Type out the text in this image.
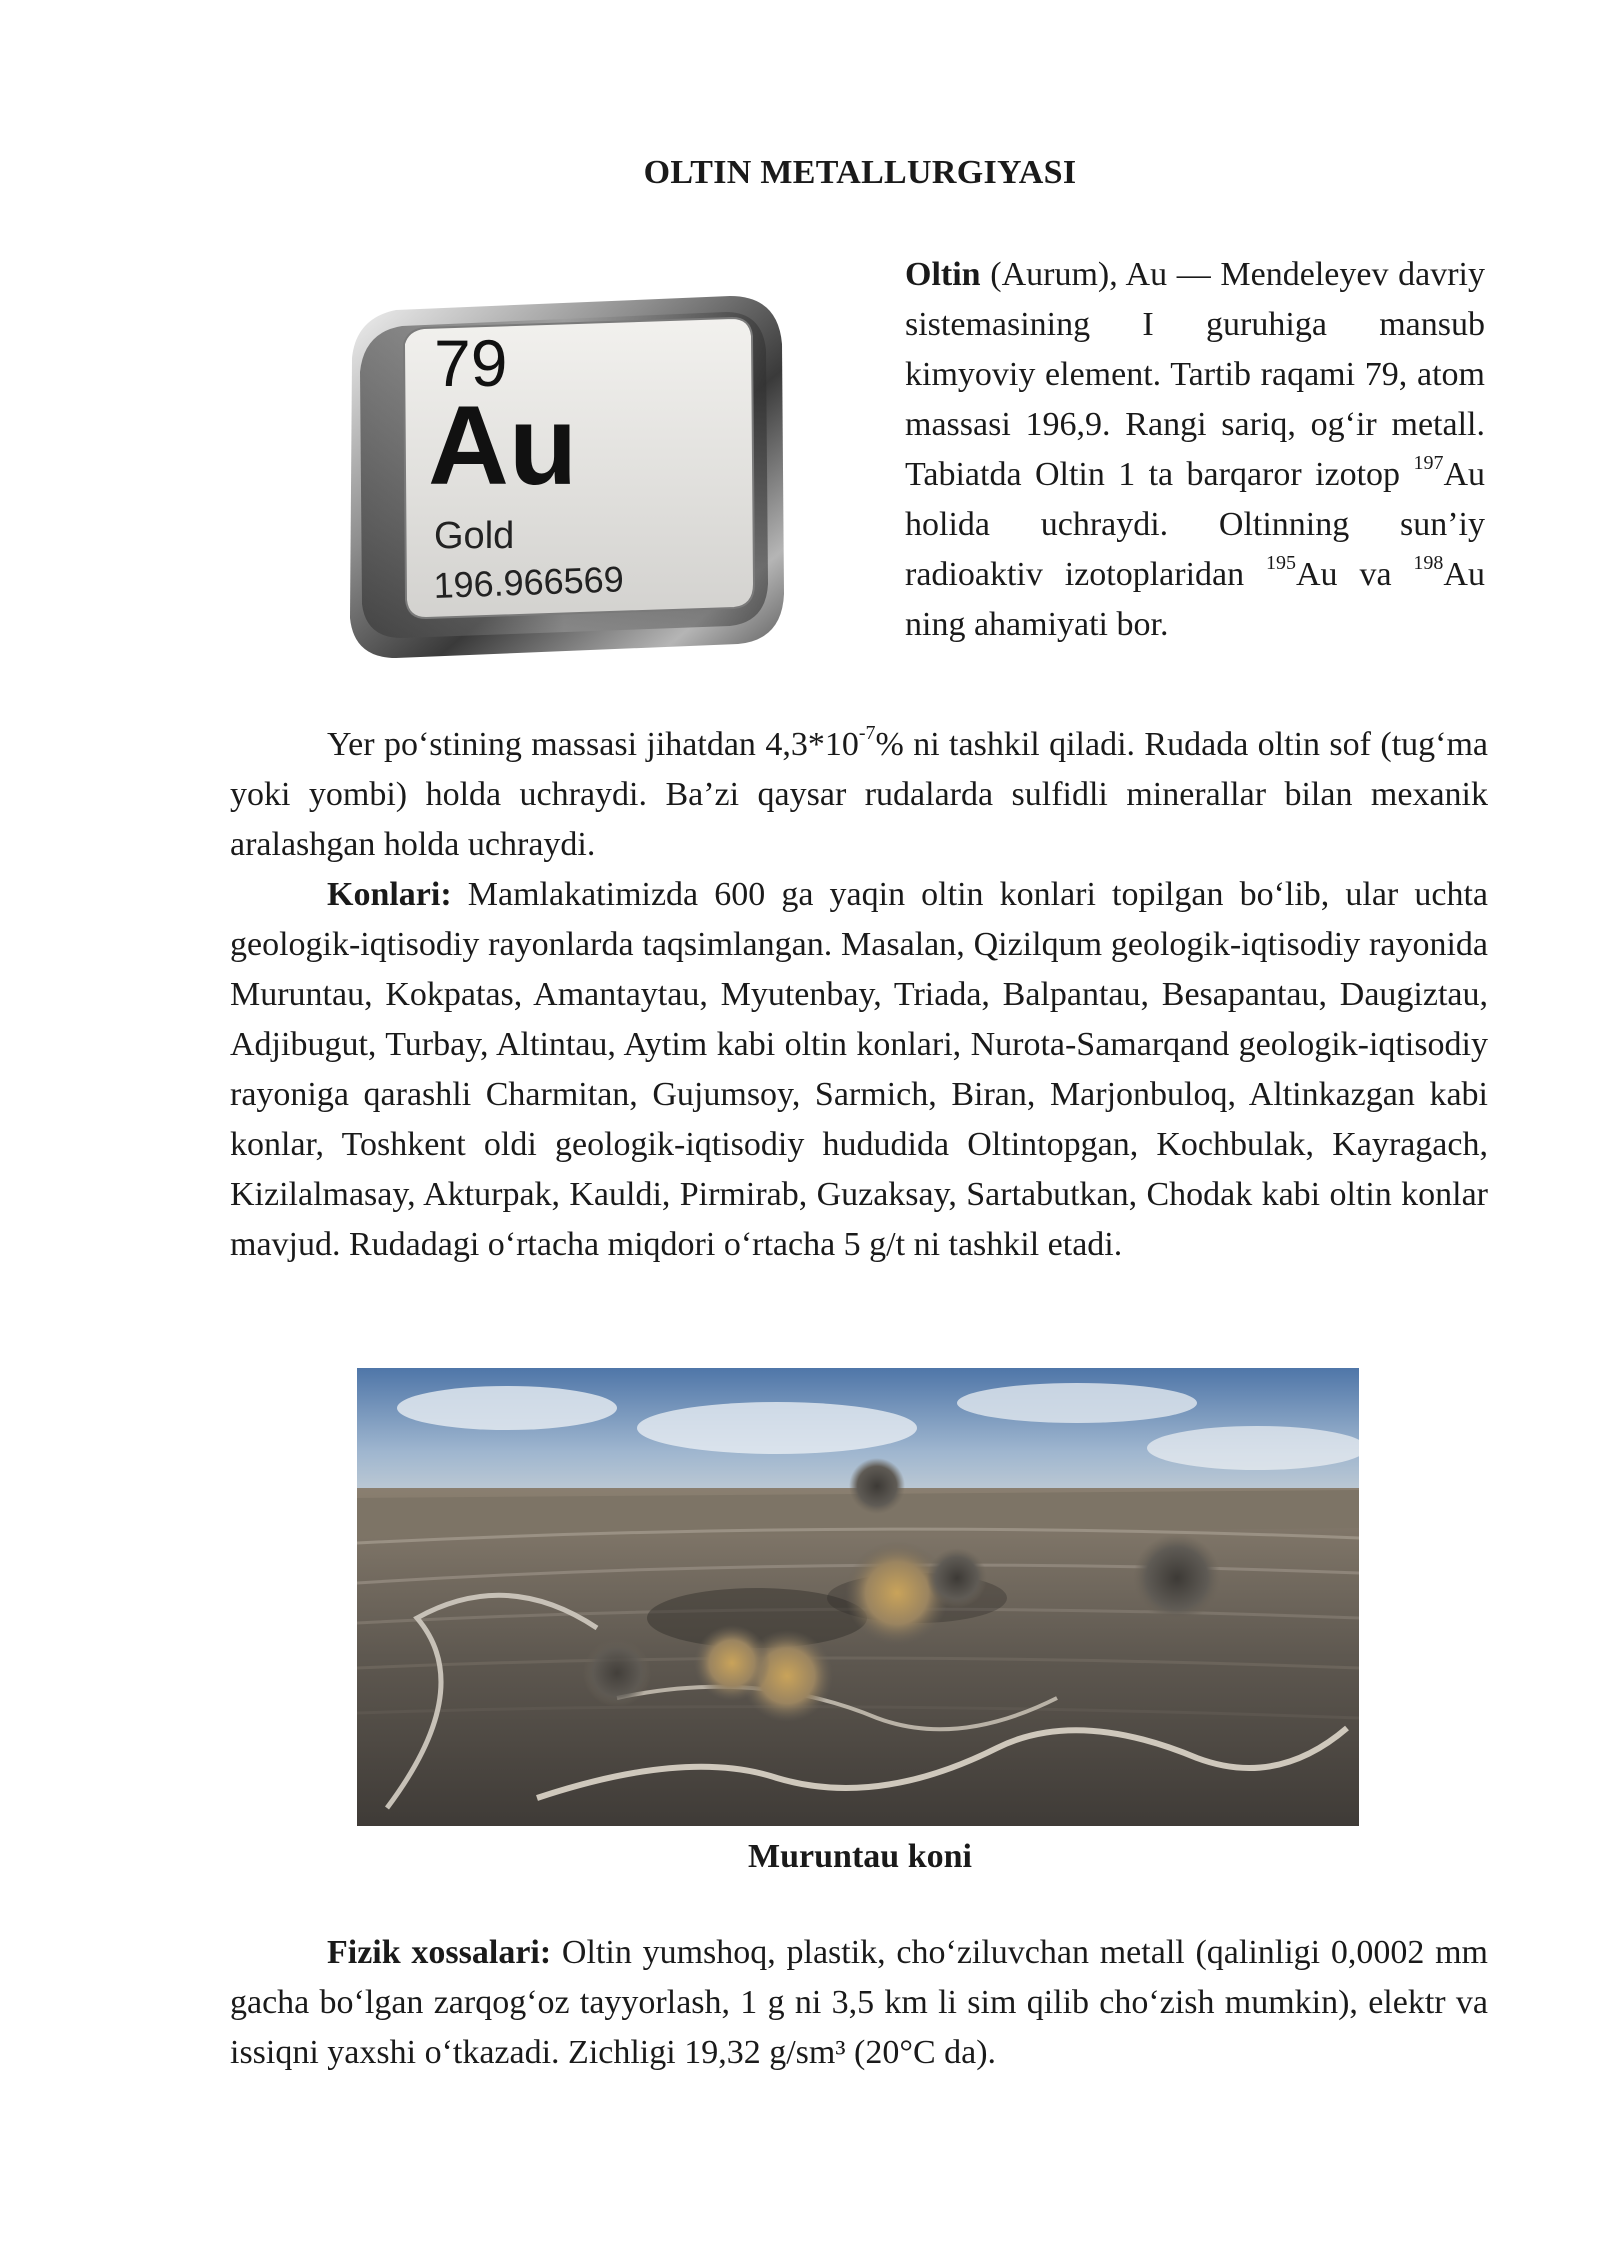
OLTIN METALLURGIYASI
79
Au
Gold
196.966569
Oltin (Aurum), Au — Mendeleyev davriy sistemasining I guruhiga mansub kimyoviy element. Tartib raqami 79, atom massasi 196,9. Rangi sariq, og‘ir metall. Tabiatda Oltin 1 ta barqaror izotop $^{197}$Au holida uchraydi. Oltinning sun’iy radioaktiv izotoplaridan $^{195}$Au va $^{198}$Au ning ahamiyati bor.

Yer po‘stining massasi jihatdan $4,3*10^{-7}\%$ ni tashkil qiladi. Rudada oltin sof (tug‘ma yoki yombi) holda uchraydi. Ba’zi qaysar rudalarda sulfidli minerallar bilan mexanik aralashgan holda uchraydi.

Konlari: Mamlakatimizda 600 ga yaqin oltin konlari topilgan bo‘lib, ular uchta geologik-iqtisodiy rayonlarda taqsimlangan. Masalan, Qizilqum geologik-iqtisodiy rayonida Muruntau, Kokpatas, Amantaytau, Myutenbay, Triada, Balpantau, Besapantau, Daugiztau, Adjibugut, Turbay, Altintau, Aytim kabi oltin konlari, Nurota-Samarqand geologik-iqtisodiy rayoniga qarashli Charmitan, Gujumsoy, Sarmich, Biran, Marjonbuloq, Altinkazgan kabi konlar, Toshkent oldi geologik-iqtisodiy hududida Oltintopgan, Kochbulak, Kayragach, Kizilalmasay, Akturpak, Kauldi, Pirmirab, Guzaksay, Sartabutkan, Chodak kabi oltin konlar mavjud. Rudadagi o‘rtacha miqdori o‘rtacha 5 g/t ni tashkil etadi.

Muruntau koni

Fizik xossalari: Oltin yumshoq, plastik, cho‘ziluvchan metall (qalinligi 0,0002 mm gacha bo‘lgan zarqog‘oz tayyorlash, 1 g ni 3,5 km li sim qilib cho‘zish mumkin), elektr va issiqni yaxshi o‘tkazadi. Zichligi 19,32 g/sm³ (20°C da).
